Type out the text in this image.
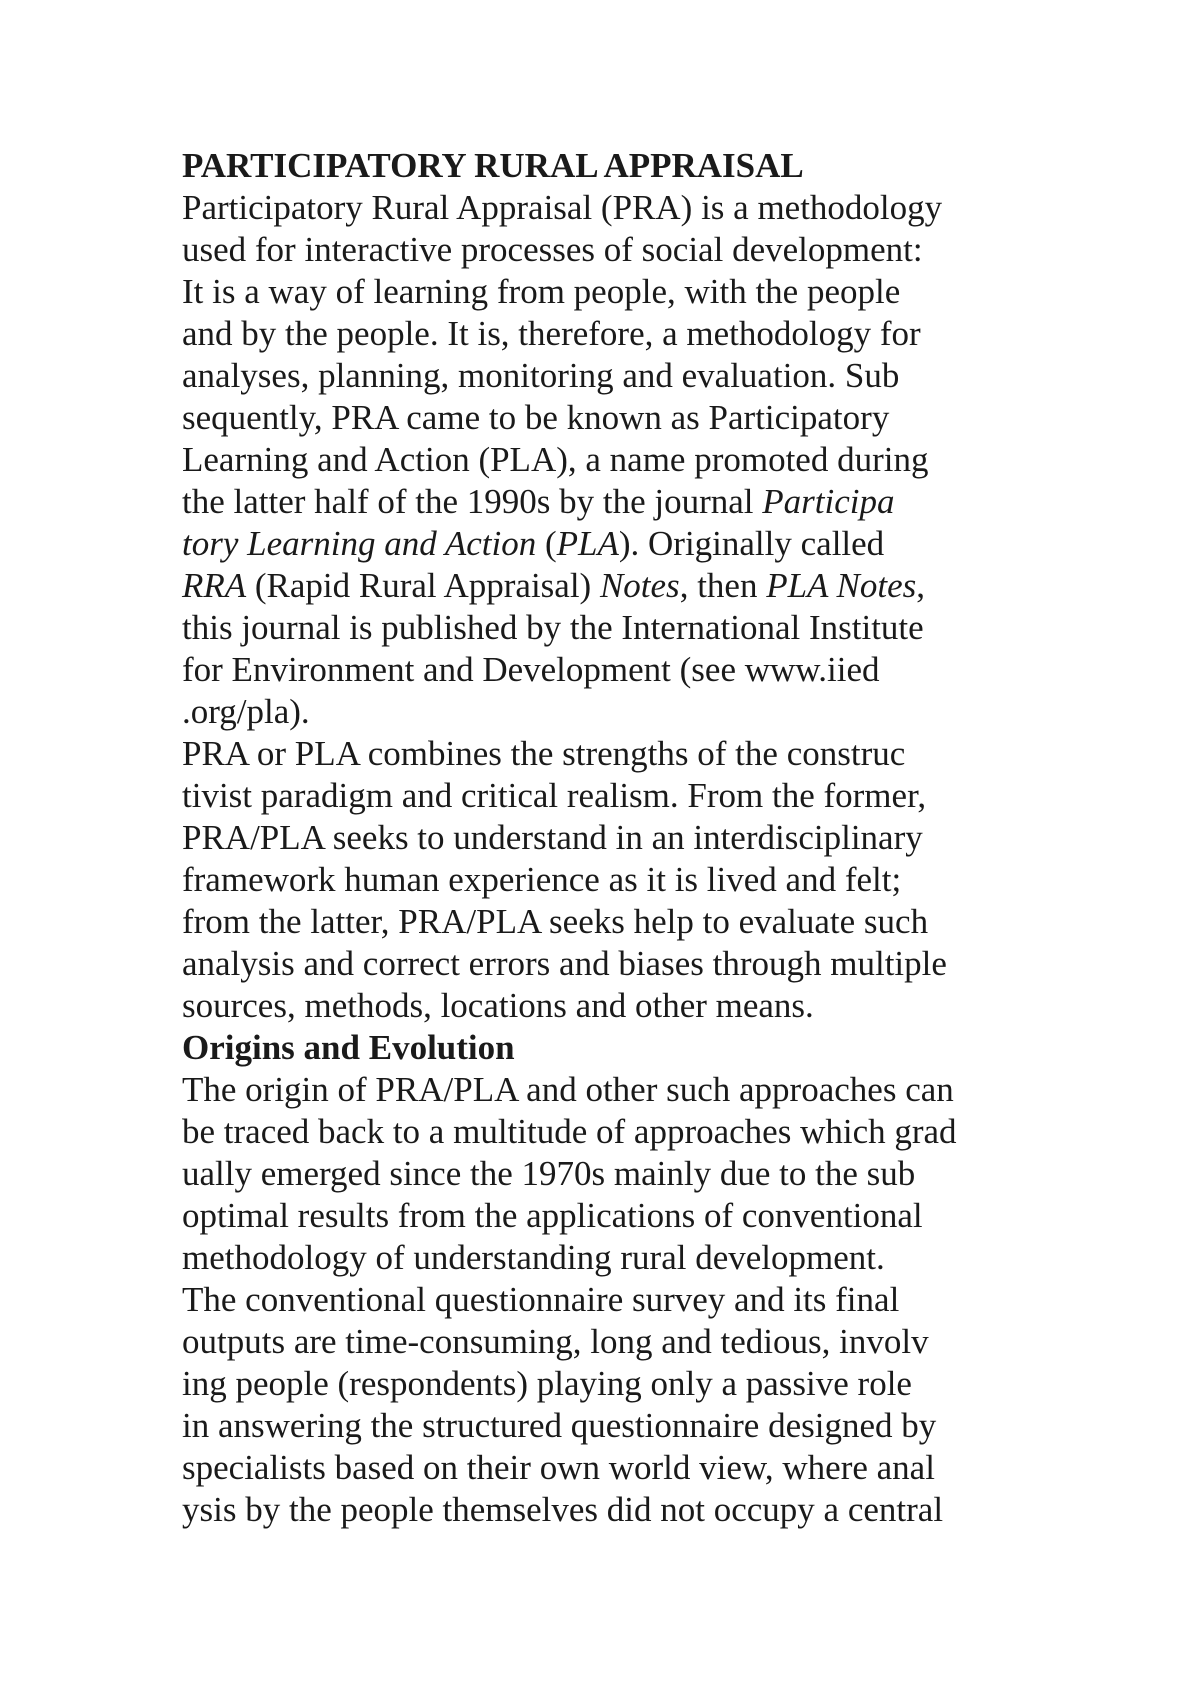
PARTICIPATORY RURAL APPRAISAL
Participatory Rural Appraisal (PRA) is a methodology
used for interactive processes of social development:
It is a way of learning from people, with the people
and by the people. It is, therefore, a methodology for
analyses, planning, monitoring and evaluation. Sub
sequently, PRA came to be known as Participatory
Learning and Action (PLA), a name promoted during
the latter half of the 1990s by the journal Participa
tory Learning and Action (PLA). Originally called
RRA (Rapid Rural Appraisal) Notes, then PLA Notes,
this journal is published by the International Institute
for Environment and Development (see www.iied
.org/pla).
PRA or PLA combines the strengths of the construc
tivist paradigm and critical realism. From the former,
PRA/PLA seeks to understand in an interdisciplinary
framework human experience as it is lived and felt;
from the latter, PRA/PLA seeks help to evaluate such
analysis and correct errors and biases through multiple
sources, methods, locations and other means.
Origins and Evolution
The origin of PRA/PLA and other such approaches can
be traced back to a multitude of approaches which grad
ually emerged since the 1970s mainly due to the sub
optimal results from the applications of conventional
methodology of understanding rural development.
The conventional questionnaire survey and its final
outputs are time-consuming, long and tedious, involv
ing people (respondents) playing only a passive role
in answering the structured questionnaire designed by
specialists based on their own world view, where anal
ysis by the people themselves did not occupy a central
